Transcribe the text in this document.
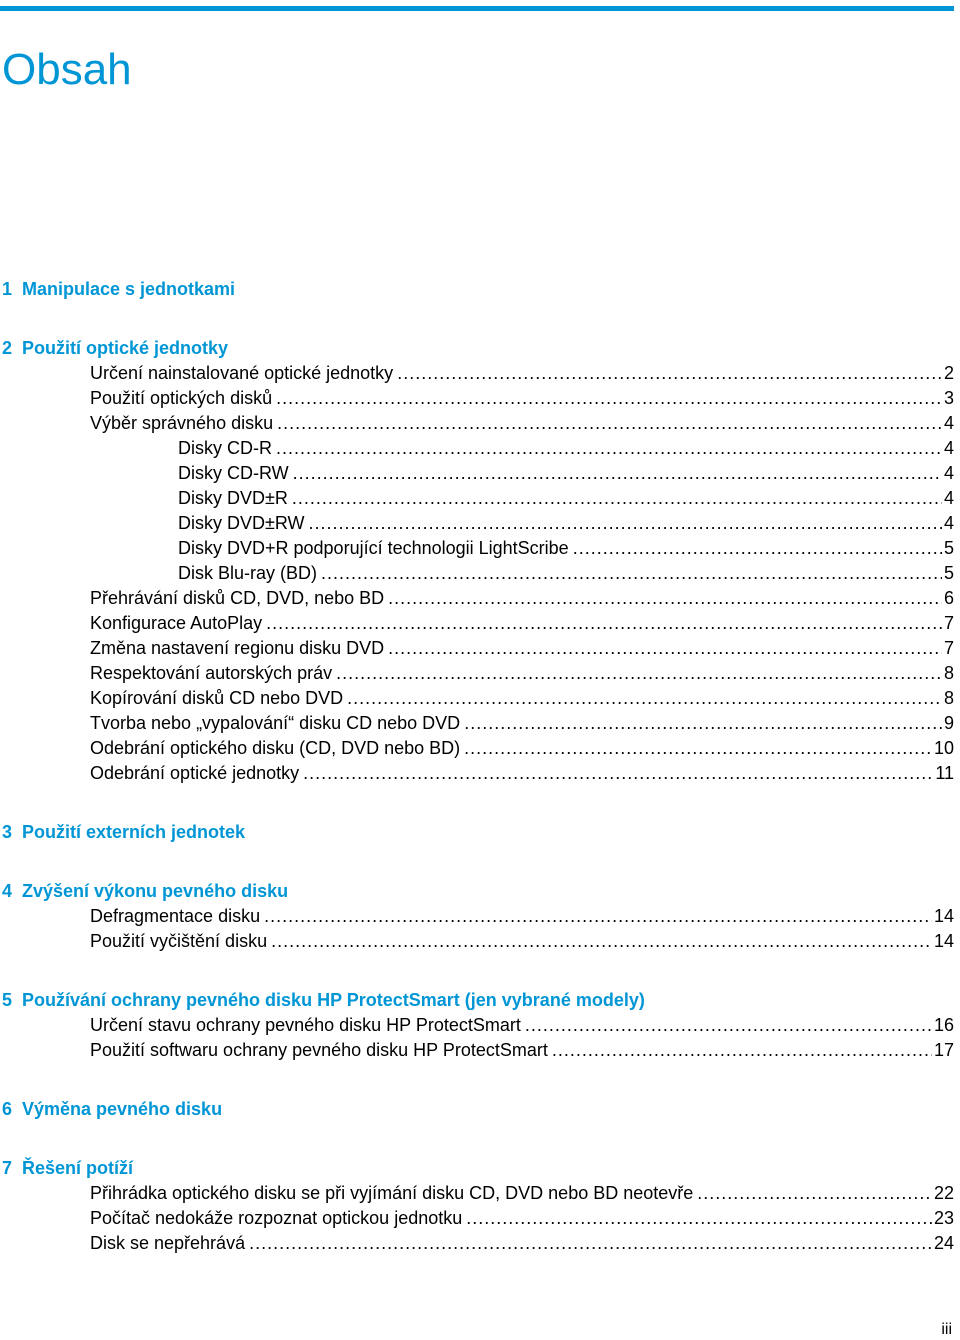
Obsah
1 Manipulace s jednotkami
2 Použití optické jednotky
Určení nainstalované optické jednotky .....	2
Použití optických disků .....	3
Výběr správného disku .....	4
Disky CD-R .....	4
Disky CD-RW .....	4
Disky DVD±R .....	4
Disky DVD±RW .....	4
Disky DVD+R podporující technologii LightScribe .....	5
Disk Blu-ray (BD) .....	5
Přehrávání disků CD, DVD, nebo BD .....	6
Konfigurace AutoPlay .....	7
Změna nastavení regionu disku DVD .....	7
Respektování autorských práv .....	8
Kopírování disků CD nebo DVD .....	8
Tvorba nebo „vypalování“ disku CD nebo DVD .....	9
Odebrání optického disku (CD, DVD nebo BD) .....	10
Odebrání optické jednotky .....	11
3 Použití externích jednotek
4 Zvýšení výkonu pevného disku
Defragmentace disku .....	14
Použití vyčištění disku .....	14
5 Používání ochrany pevného disku HP ProtectSmart (jen vybrané modely)
Určení stavu ochrany pevného disku HP ProtectSmart .....	16
Použití softwaru ochrany pevného disku HP ProtectSmart .....	17
6 Výměna pevného disku
7 Řešení potíží
Přihrádka optického disku se při vyjímání disku CD, DVD nebo BD neotevře .....	22
Počítač nedokáže rozpoznat optickou jednotku .....	23
Disk se nepřehrává .....	24
iii
